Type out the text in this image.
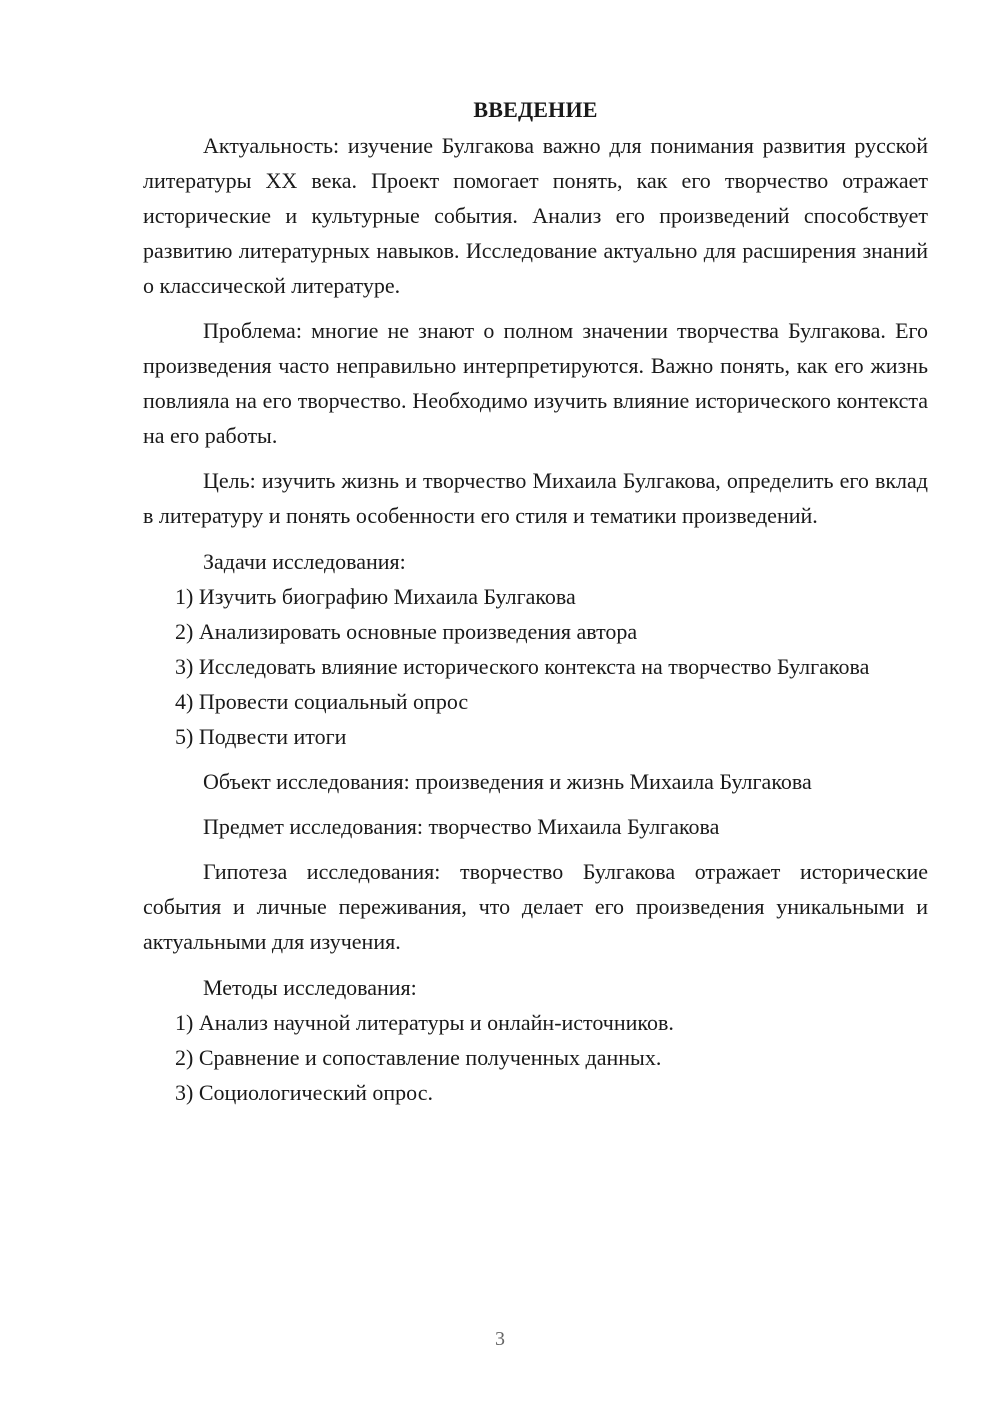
ВВЕДЕНИЕ

Актуальность: изучение Булгакова важно для понимания развития русской литературы XX века. Проект помогает понять, как его творчество отражает исторические и культурные события. Анализ его произведений способствует развитию литературных навыков. Исследование актуально для расширения знаний о классической литературе.

Проблема: многие не знают о полном значении творчества Булгакова. Его произведения часто неправильно интерпретируются. Важно понять, как его жизнь повлияла на его творчество. Необходимо изучить влияние исторического контекста на его работы.

Цель: изучить жизнь и творчество Михаила Булгакова, определить его вклад в литературу и понять особенности его стиля и тематики произведений.

Задачи исследования:

1) Изучить биографию Михаила Булгакова

2) Анализировать основные произведения автора

3) Исследовать влияние исторического контекста на творчество Булгакова

4) Провести социальный опрос

5) Подвести итоги

Объект исследования: произведения и жизнь Михаила Булгакова

Предмет исследования: творчество Михаила Булгакова

Гипотеза исследования: творчество Булгакова отражает исторические события и личные переживания, что делает его произведения уникальными и актуальными для изучения.

Методы исследования:

1) Анализ научной литературы и онлайн-источников.

2) Сравнение и сопоставление полученных данных.

3) Социологический опрос.

3
